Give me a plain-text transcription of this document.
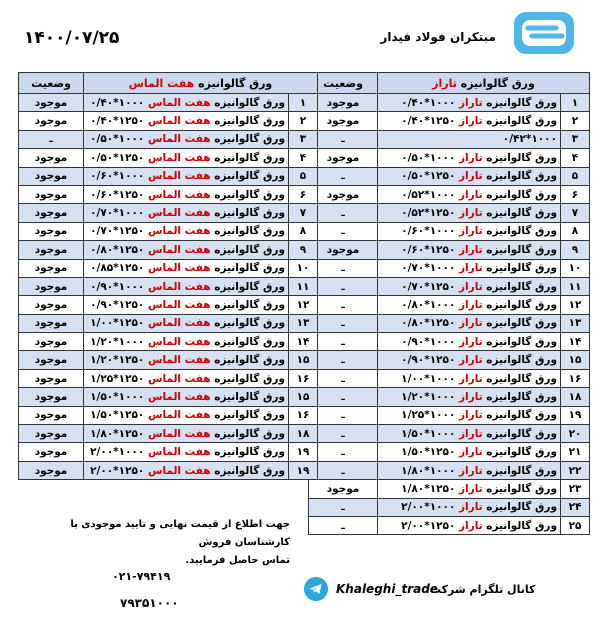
مبتکران فولاد فیدار
۱۴۰۰/۰۷/۲۵
ورق گالوانیزه تاراز		وضعیت
۱	ورق گالوانیزه تاراز ۱۰۰۰*۰/۴۰	موجود
۲	ورق گالوانیزه تاراز ۱۲۵۰*۰/۴۰	موجود
۳	۱۰۰۰*۰/۴۲	ـ
۴	ورق گالوانیزه تاراز ۱۰۰۰*۰/۵۰	موجود
۵	ورق گالوانیزه تاراز ۱۲۵۰*۰/۵۰	ـ
۶	ورق گالوانیزه تاراز ۱۰۰۰*۰/۵۲	موجود
۷	ورق گالوانیزه تاراز ۱۲۵۰*۰/۵۲	ـ
۸	ورق گالوانیزه تاراز ۱۰۰۰*۰/۶۰	ـ
۹	ورق گالوانیزه تاراز ۱۲۵۰*۰/۶۰	موجود
۱۰	ورق گالوانیزه تاراز ۱۰۰۰*۰/۷۰	ـ
۱۱	ورق گالوانیزه تاراز ۱۲۵۰*۰/۷۰	ـ
۱۲	ورق گالوانیزه تاراز ۱۰۰۰*۰/۸۰	ـ
۱۳	ورق گالوانیزه تاراز ۱۲۵۰*۰/۸۰	ـ
۱۴	ورق گالوانیزه تاراز ۱۰۰۰*۰/۹۰	ـ
۱۵	ورق گالوانیزه تاراز ۱۲۵۰*۰/۹۰	ـ
۱۶	ورق گالوانیزه تاراز ۱۰۰۰*۱/۰۰	ـ
۱۸	ورق گالوانیزه تاراز ۱۰۰۰*۱/۲۰	ـ
۱۹	ورق گالوانیزه تاراز ۱۰۰۰*۱/۲۵	ـ
۲۰	ورق گالوانیزه تاراز ۱۰۰۰*۱/۵۰	ـ
۲۱	ورق گالوانیزه تاراز ۱۲۵۰*۱/۵۰	ـ
۲۲	ورق گالوانیزه تاراز ۱۰۰۰*۱/۸۰	ـ
۲۳	ورق گالوانیزه تاراز ۱۲۵۰*۱/۸۰	موجود
۲۴	ورق گالوانیزه تاراز ۱۰۰۰*۲/۰۰	ـ
۲۵	ورق گالوانیزه تاراز ۱۲۵۰*۲/۰۰	ـ
ورق گالوانیزه هفت الماس		وضعیت
۱	ورق گالوانیزه هفت الماس ۱۰۰۰*۰/۴۰	موجود
۲	ورق گالوانیزه هفت الماس ۱۲۵۰*۰/۴۰	موجود
۳	ورق گالوانیزه هفت الماس ۱۰۰۰*۰/۵۰	ـ
۴	ورق گالوانیزه هفت الماس ۱۲۵۰*۰/۵۰	موجود
۵	ورق گالوانیزه هفت الماس ۱۰۰۰*۰/۶۰	موجود
۶	ورق گالوانیزه هفت الماس ۱۲۵۰*۰/۶۰	موجود
۷	ورق گالوانیزه هفت الماس ۱۰۰۰*۰/۷۰	موجود
۸	ورق گالوانیزه هفت الماس ۱۲۵۰*۰/۷۰	موجود
۹	ورق گالوانیزه هفت الماس ۱۲۵۰*۰/۸۰	موجود
۱۰	ورق گالوانیزه هفت الماس ۱۲۵۰*۰/۸۵	موجود
۱۱	ورق گالوانیزه هفت الماس ۱۰۰۰*۰/۹۰	موجود
۱۲	ورق گالوانیزه هفت الماس ۱۲۵۰*۰/۹۰	موجود
۱۳	ورق گالوانیزه هفت الماس ۱۲۵۰*۱/۰۰	موجود
۱۴	ورق گالوانیزه هفت الماس ۱۰۰۰*۱/۲۰	موجود
۱۵	ورق گالوانیزه هفت الماس ۱۲۵۰*۱/۲۰	موجود
۱۶	ورق گالوانیزه هفت الماس ۱۲۵۰*۱/۲۵	موجود
۱۵	ورق گالوانیزه هفت الماس ۱۰۰۰*۱/۵۰	موجود
۱۶	ورق گالوانیزه هفت الماس ۱۲۵۰*۱/۵۰	موجود
۱۸	ورق گالوانیزه هفت الماس ۱۲۵۰*۱/۸۰	موجود
۱۹	ورق گالوانیزه هفت الماس ۱۰۰۰*۲/۰۰	موجود
۱۹	ورق گالوانیزه هفت الماس ۱۲۵۰*۲/۰۰	موجود
جهت اطلاع از قیمت نهایی و تایید موجودی با کارشناسان فروش
تماس حاصل فرمایید.
۰۲۱-۷۹۴۱۹
۷۹۳۵۱۰۰۰
Khaleghi_trade
کانال تلگرام شرکت
